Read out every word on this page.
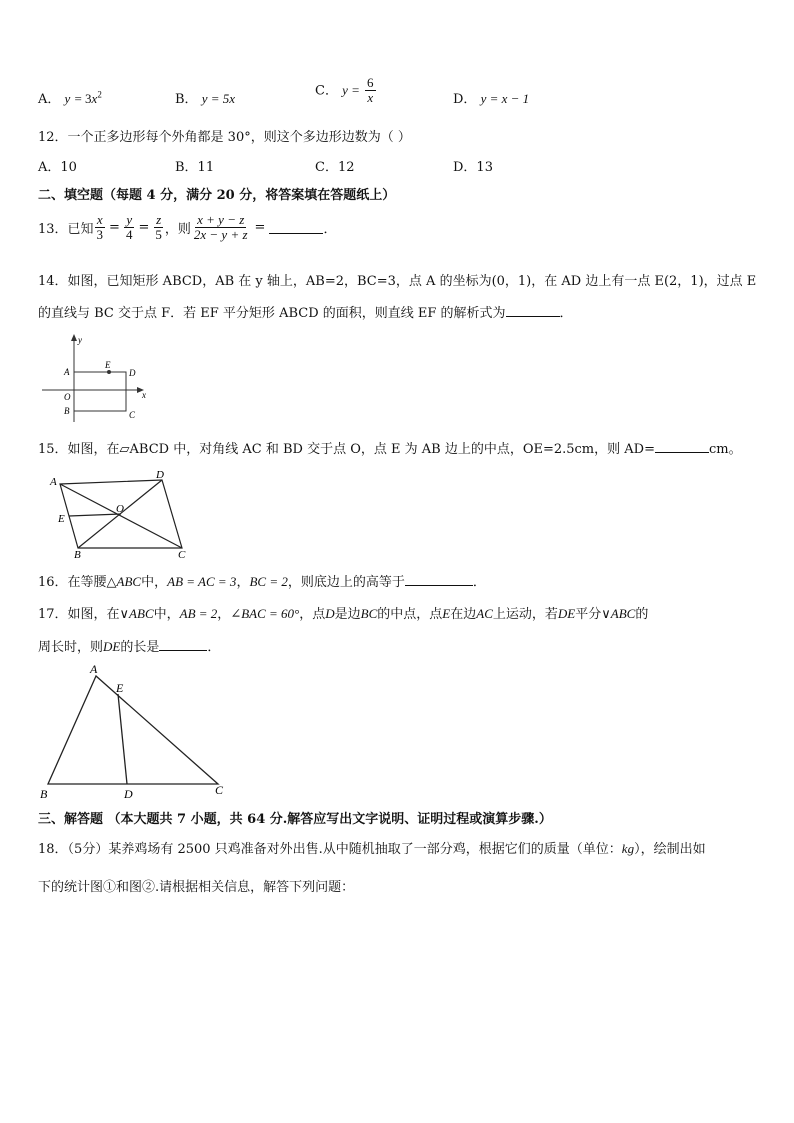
A． $y = 3x^2$	B． y = 5x
C． $y = \frac{6}{x}$	D． y = x − 1
12．一个正多边形每个外角都是 30°，则这个多边形边数为（ ）
A．10	B．11	C．12	D．13
二、填空题（每题 4 分，满分 20 分，将答案填在答题纸上）
13．已知 $\frac{x}{3} = \frac{y}{4} = \frac{z}{5}$ ，则 $\frac{x + y - z}{2x - y + z}$ =	．
14．如图，已知矩形 ABCD，AB 在 y 轴上，AB=2，BC=3，点 A 的坐标为(0，1)，在 AD 边上有一点 E(2，1)，过点 E
的直线与 BC 交于点 F．若 EF 平分矩形 ABCD 的面积，则直线 EF 的解析式为	．
y
x
A
E
D
O
B	C
15．如图，在▱ABCD 中，对角线 AC 和 BD 交于点 O，点 E 为 AB 边上的中点，OE=2.5cm，则 AD=	cm。
A
D
E
O
B	C
16．在等腰△ABC中，AB = AC = 3，BC = 2，则底边上的高等于	．
17．如图，在∨ABC中，AB = 2，∠BAC = 60°，点D是边BC的中点，点E在边AC上运动，若DE平分∨ABC的
周长时，则DE的长是	．
A
E
B	D	C
三、解答题 （本大题共 7 小题，共 64 分.解答应写出文字说明、证明过程或演算步骤.）
18．（5分）某养鸡场有 2500 只鸡准备对外出售.从中随机抽取了一部分鸡，根据它们的质量（单位：kg），绘制出如
下的统计图①和图②.请根据相关信息，解答下列问题：
